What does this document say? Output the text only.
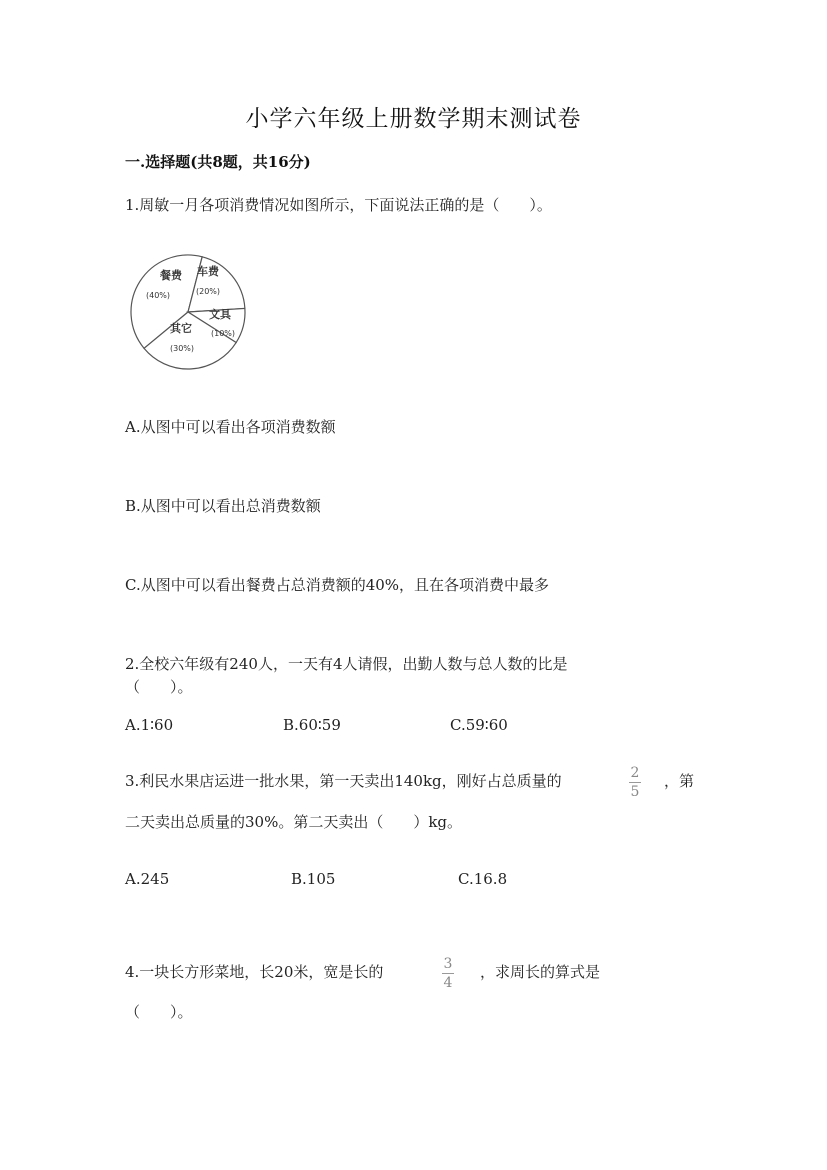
小学六年级上册数学期末测试卷
一.选择题(共8题，共16分)
1.周敏一月各项消费情况如图所示，下面说法正确的是（　　）。
餐费
(40%)
车费
(20%)
文具
(10%)
其它
(30%)
A.从图中可以看出各项消费数额
B.从图中可以看出总消费数额
C.从图中可以看出餐费占总消费额的40%，且在各项消费中最多
2.全校六年级有240人，一天有4人请假，出勤人数与总人数的比是
（　　）。
A.1∶60	B.60∶59	C.59∶60
3.利民水果店运进一批水果，第一天卖出140kg，刚好占总质量的	2
5
，第
二天卖出总质量的30%。第二天卖出（　　）kg。
A.245	B.105	C.16.8
4.一块长方形菜地，长20米，宽是长的	3
4
，求周长的算式是
（　　）。
